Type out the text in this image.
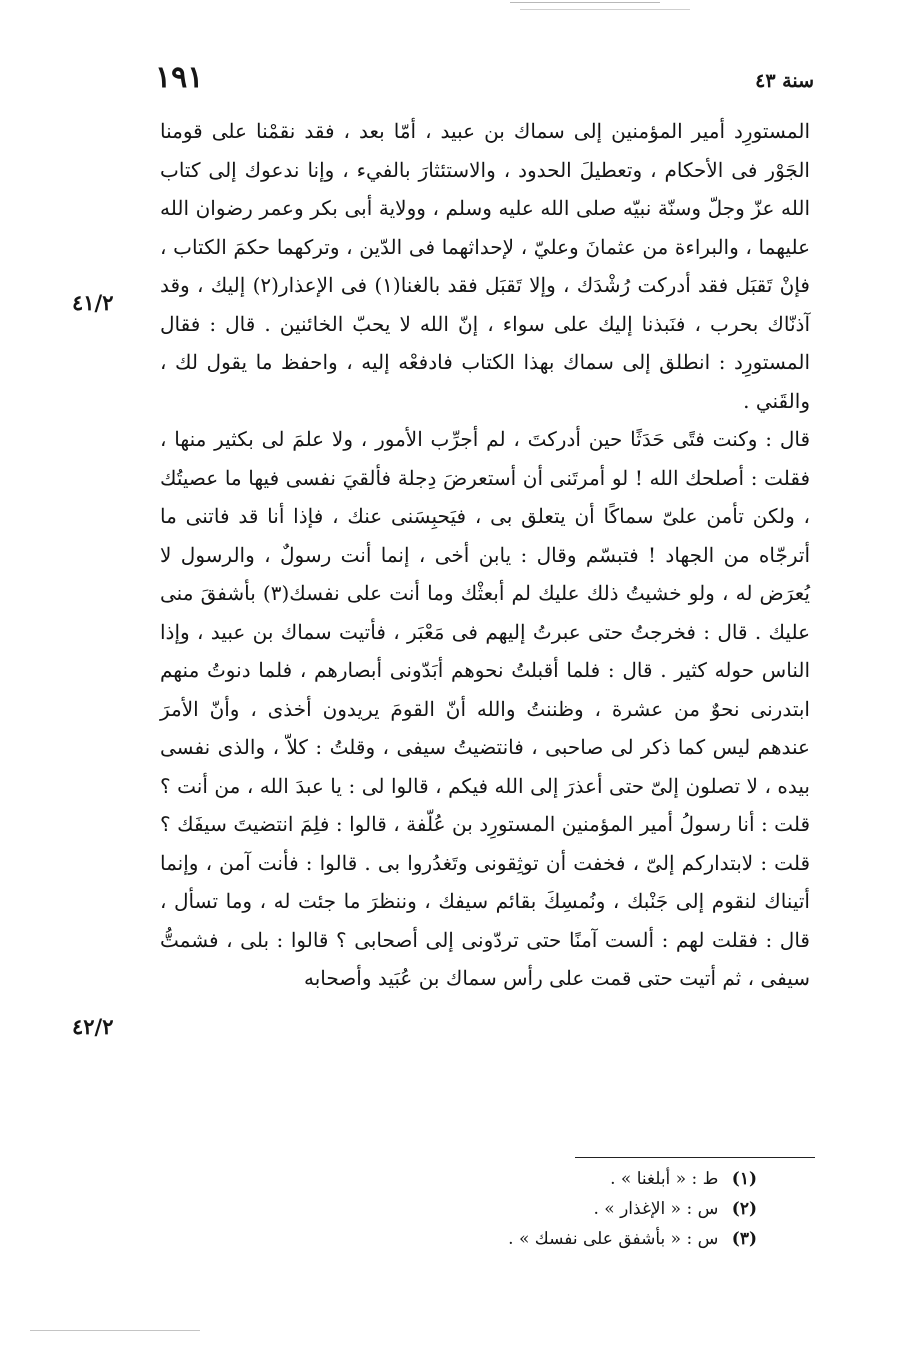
١٩١	سنة ٤٣

المستورِد أمير المؤمنين إلى سماك بن عبيد ، أمّا بعد ، فقد نقمْنا على قومنا الجَوْر فى الأحكام ، وتعطيلَ الحدود ، والاستئثارَ بالفيء ، وإنا ندعوك إلى كتاب الله عزّ وجلّ وسنّة نبيّه صلى الله عليه وسلم ، وولاية أبى بكر وعمر رضوان الله عليهما ، والبراءة من عثمانَ وعليّ ، لإحداثهما فى الدّين ، وتركهما حكمَ الكتاب ، فإنْ تَقبَل فقد أدركت رُشْدَك ، وإلا تَقبَل فقد بالغنا(١) فى الإعذار(٢) إليك ، وقد آذنّاك بحرب ، فنَبذنا إليك على سواء ، إنّ الله لا يحبّ الخائنين . قال : فقال المستورِد : انطلق إلى سماك بهذا الكتاب فادفعْه إليه ، واحفظ ما يقول لك ، والقَني .

قال : وكنت فتًى حَدَثًا حين أدركتَ ، لم أجرِّب الأمور ، ولا علمَ لى بكثير منها ، فقلت : أصلحك الله ! لو أمرتَنى أن أستعرضَ دِجلة فألقيَ نفسى فيها ما عصيتُك ، ولكن تأمن علىّ سماكًا أن يتعلق بى ، فيَحبِسَنى عنك ، فإذا أنا قد فاتنى ما أترجّاه من الجهاد ! فتبسّم وقال : يابن أخى ، إنما أنت رسولٌ ، والرسول لا يُعرَض له ، ولو خشيتُ ذلك عليك لم أبعثْك وما أنت على نفسك(٣) بأشفقَ منى عليك . قال : فخرجتُ حتى عبرتُ إليهم فى مَعْبَر ، فأتيت سماك بن عبيد ، وإذا الناس حوله كثير . قال : فلما أقبلتُ نحوهم أبَدّونى أبصارهم ، فلما دنوتُ منهم ابتدرنى نحوٌ من عشرة ، وظننتُ والله أنّ القومَ يريدون أخذى ، وأنّ الأمرَ عندهم ليس كما ذكر لى صاحبى ، فانتضيتُ سيفى ، وقلتُ : كلاّ ، والذى نفسى بيده ، لا تصلون إلىّ حتى أعذرَ إلى الله فيكم ، قالوا لى : يا عبدَ الله ، من أنت ؟ قلت : أنا رسولُ أمير المؤمنين المستورِد بن عُلّفة ، قالوا : فلِمَ انتضيتَ سيفَك ؟ قلت : لابتداركم إلىّ ، فخفت أن توثِقونى وتَغدُروا بى . قالوا : فأنت آمن ، وإنما أتيناك لنقوم إلى جَنْبك ، ونُمسِكَ بقائم سيفك ، وننظرَ ما جئت له ، وما تسأل ، قال : فقلت لهم : ألست آمنًا حتى تردّونى إلى أصحابى ؟ قالوا : بلى ، فشمتُّ سيفى ، ثم أتيت حتى قمت على رأس سماك بن عُبَيد وأصحابه

٤١/٢
٤٢/٢
(١) ط : « أبلغنا » .
(٢) س : « الإغذار » .
(٣) س : « بأشفق على نفسك » .
